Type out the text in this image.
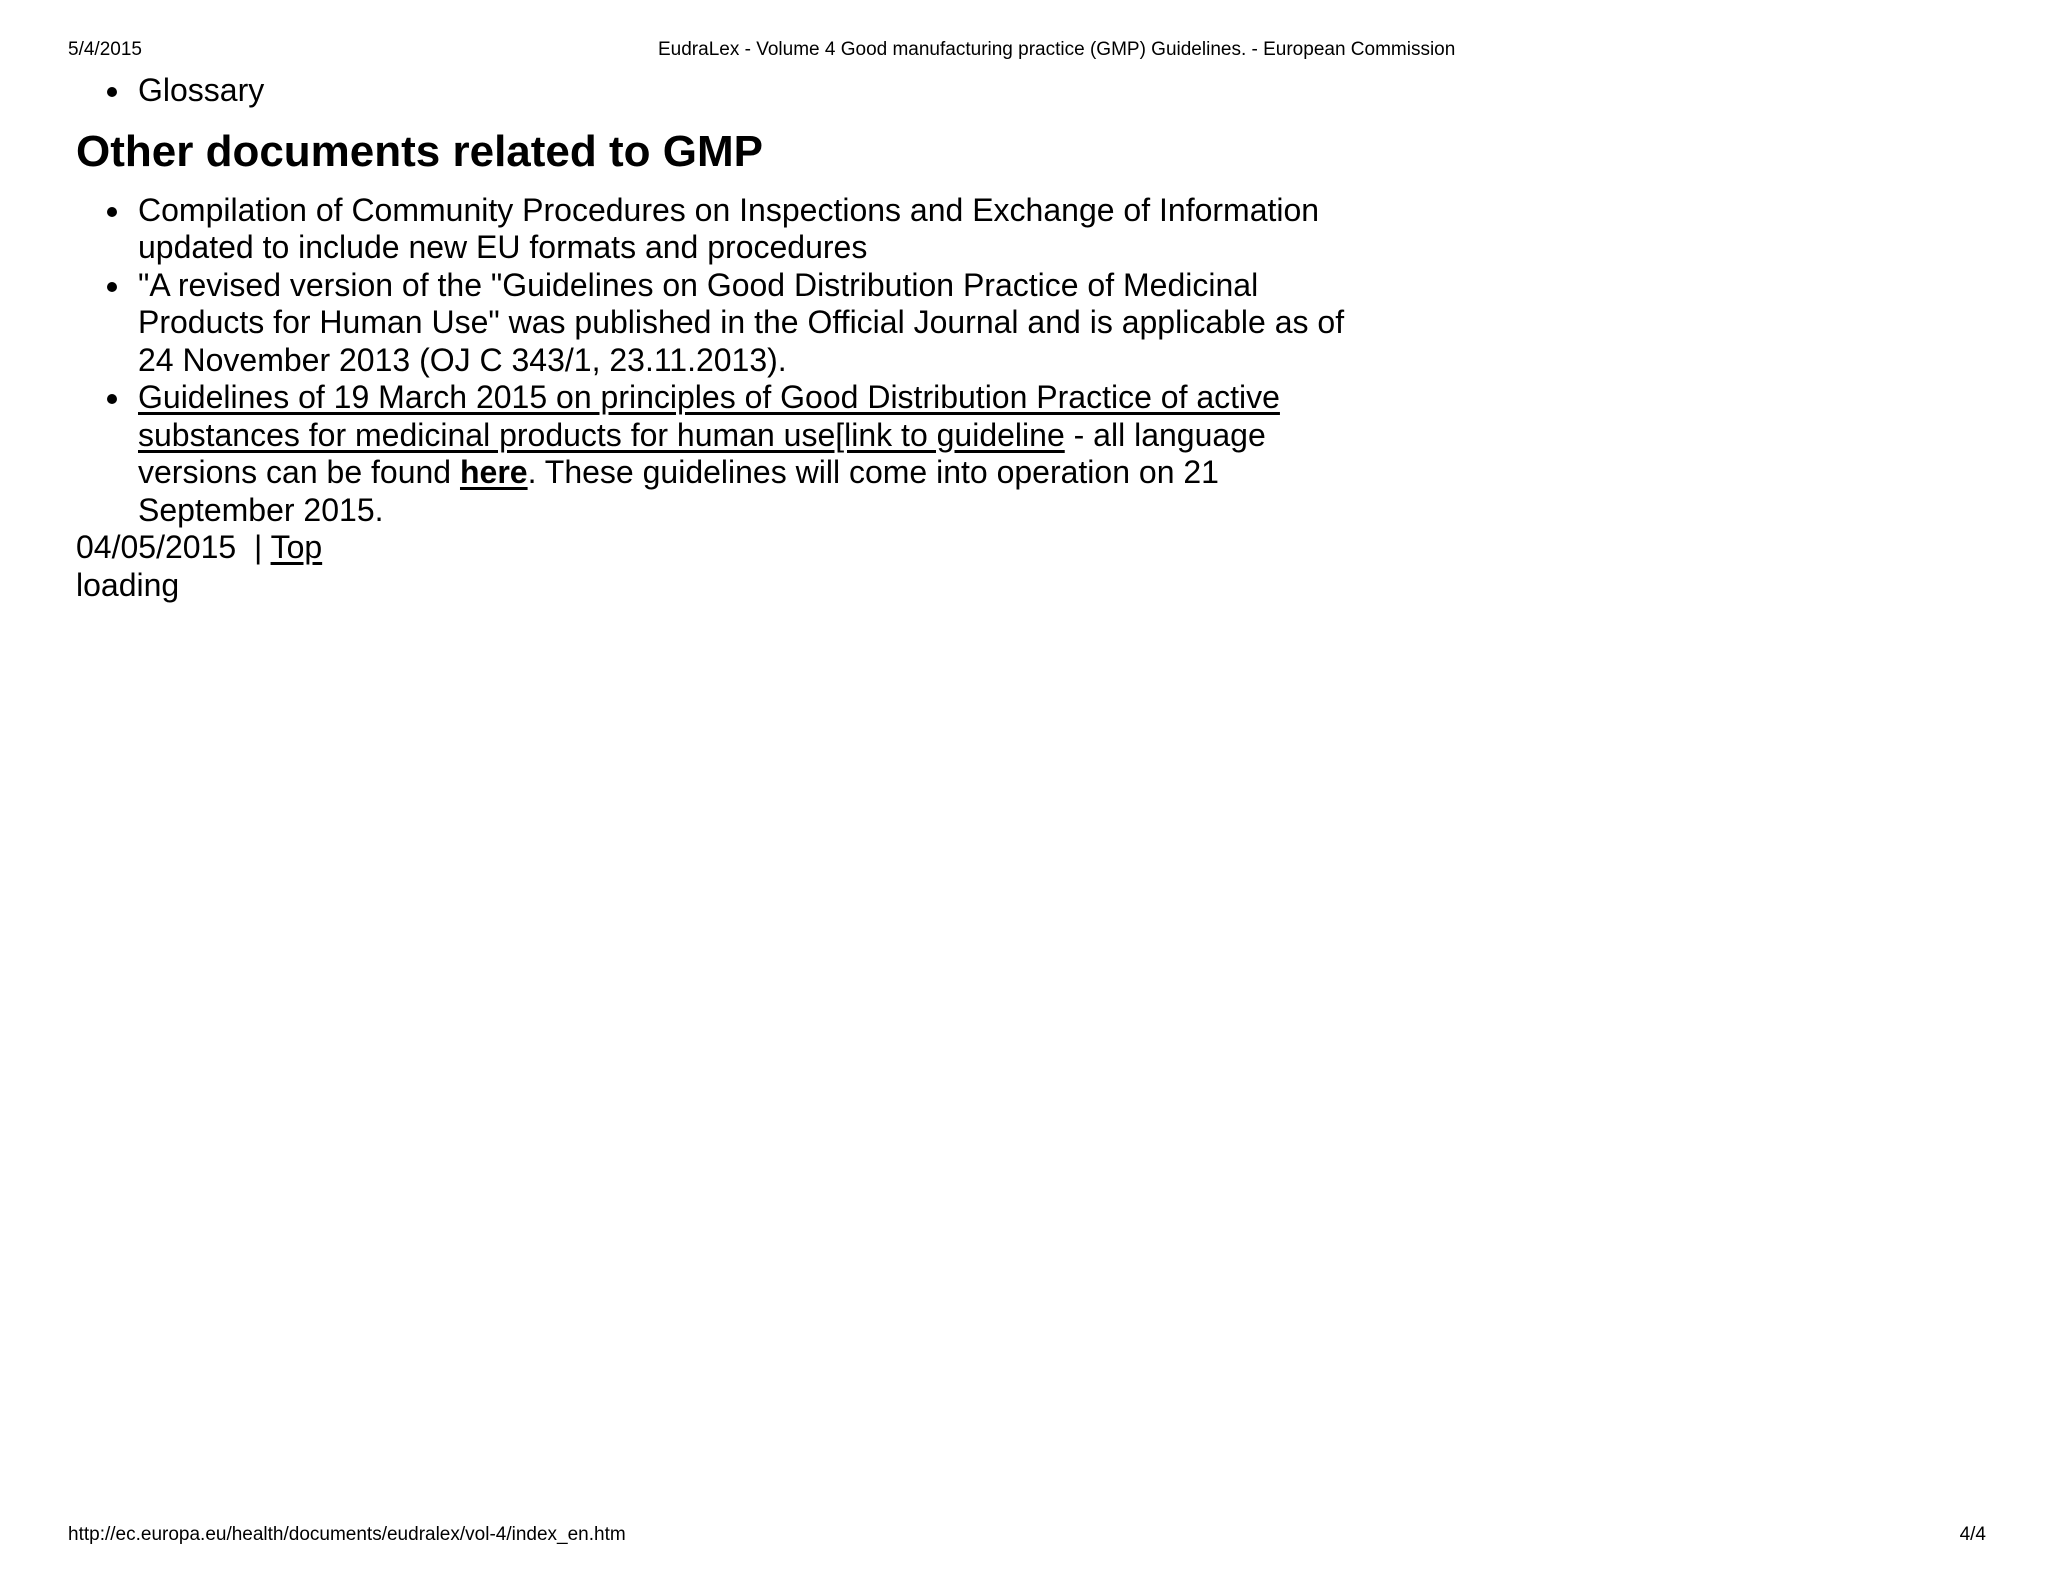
5/4/2015	EudraLex - Volume 4 Good manufacturing practice (GMP) Guidelines. - European Commission
Glossary
Other documents related to GMP
Compilation of Community Procedures on Inspections and Exchange of Information
updated to include new EU formats and procedures
"A revised version of the "Guidelines on Good Distribution Practice of Medicinal
Products for Human Use" was published in the Official Journal and is applicable as of
24 November 2013 (OJ C 343/1, 23.11.2013).
Guidelines of 19 March 2015 on principles of Good Distribution Practice of active
substances for medicinal products for human use[link to guideline - all language
versions can be found here. These guidelines will come into operation on 21
September 2015.
04/05/2015  | Top
loading
http://ec.europa.eu/health/documents/eudralex/vol-4/index_en.htm	4/4
